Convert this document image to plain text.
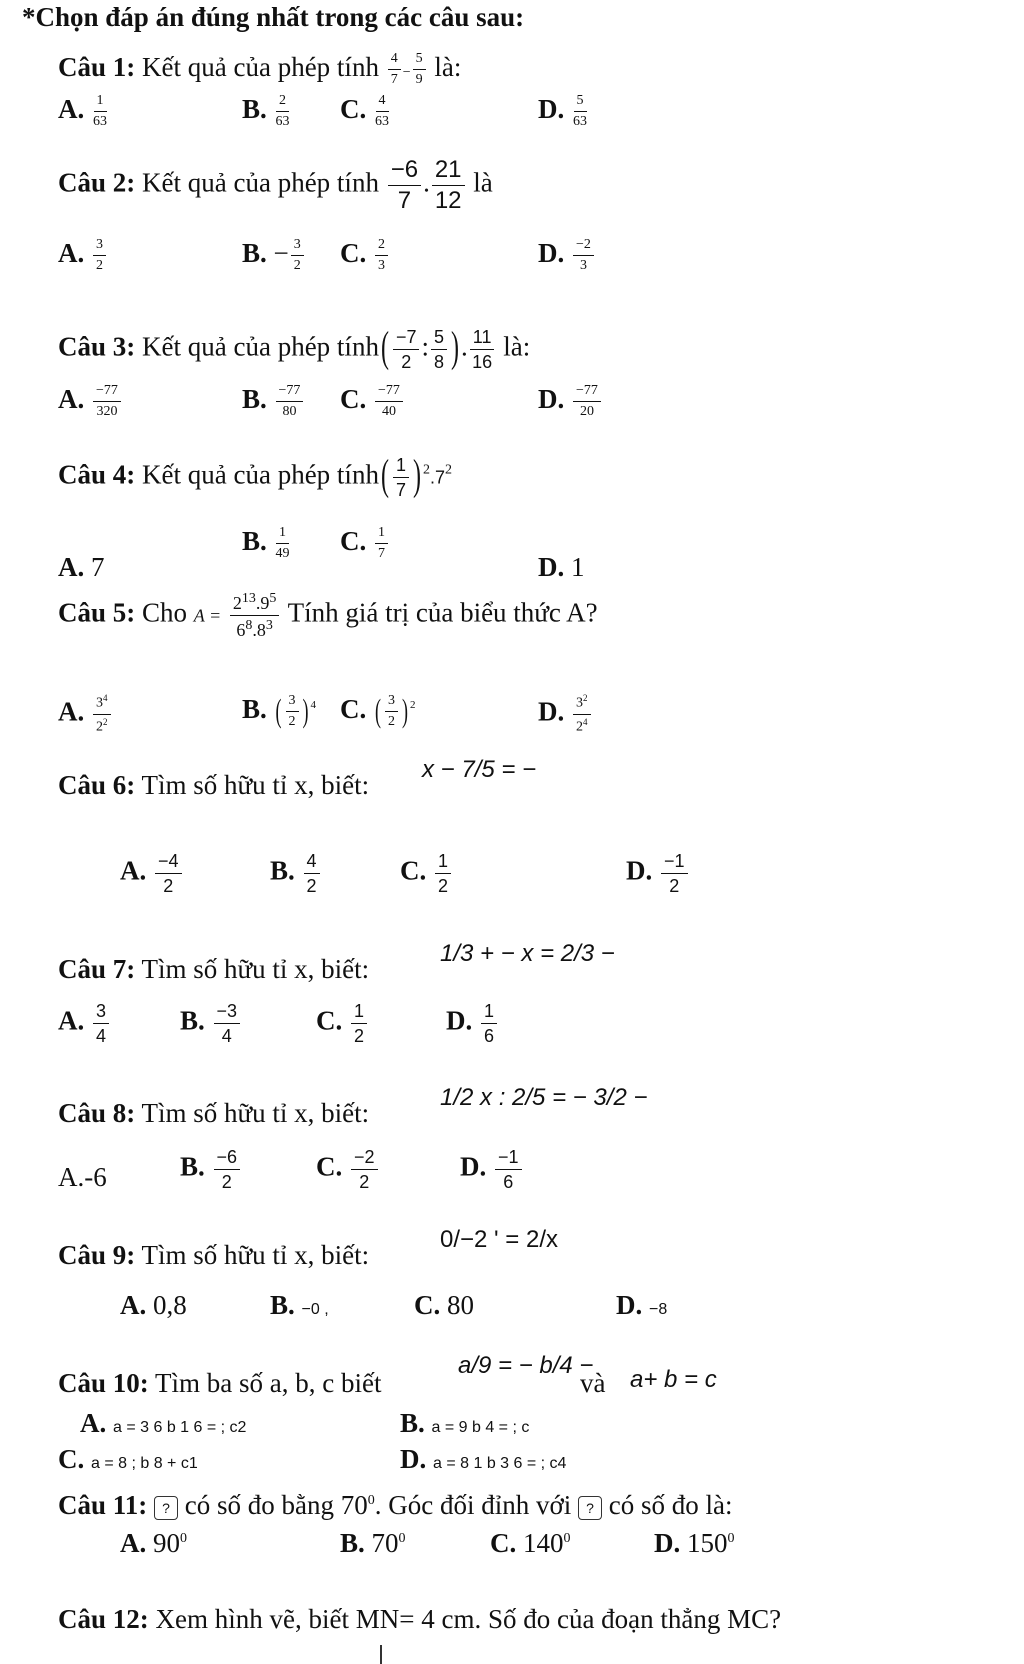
*Chọn đáp án đúng nhất trong các câu sau:
Câu 1: Kết quả của phép tính $\frac{4}{7} - \frac{5}{9}$ là:
A. $\frac{1}{63}$	B. $\frac{2}{63} C$. $\frac{4}{63}$	D. $\frac{5}{63}$
Câu 2: Kết quả của phép tính $\frac{-6}{7}$ . $\frac{21}{12}$ là
A. $\frac{3}{2}$	B. − $\frac{3}{2} C$. $\frac{2}{3}$	D. $\frac{-2}{3}$
Câu 3: Kết quả của phép tính( $\frac{-7}{2}$ : $\frac{5}{8}$ ). $\frac{11}{16}$ là:
A. $\frac{-77}{320}$	B. $\frac{-77}{80} C$. $\frac{-77}{40}$	D. $\frac{-77}{20}$
Câu 4: Kết quả của phép tính( $\frac{1}{7}$ ) $^2.7^2$
A. 7
B. $\frac{1}{49} C$. $\frac{1}{7}$
D. 1
Câu 5: Cho $A = \frac{2^{13}.9^5}{6^8.8^3}$ Tính giá trị của biểu thức A?
A. $\frac{3^4}{2^2}$	B. ( $\frac{3}{2}$ ) $^4$ C. ( $\frac{3}{2}$ ) $^2$	D. $\frac{3^2}{2^4}$
Câu 6: Tìm số hữu tỉ x, biết:
x − 7/5 = −
A. $\frac{-4}{2}$	B. $\frac{4}{2}$	C. $\frac{1}{2}$	D. $\frac{-1}{2}$
Câu 7: Tìm số hữu tỉ x, biết:
1/3 + − x = 2/3 −
A. $\frac{3}{4}$	B. $\frac{-3}{4}$	C. $\frac{1}{2}$	D. $\frac{1}{6}$
Câu 8: Tìm số hữu tỉ x, biết:
1/2 x : 2/5 = − 3/2 −
A.-6	B. $\frac{-6}{2}$	C. $\frac{-2}{2}$	D. $\frac{-1}{6}$
Câu 9: Tìm số hữu tỉ x, biết:
0/−2 ' = 2/x
A. 0,8	B. −0 ,	C. 80	D. −8
Câu 10: Tìm ba số a, b, c biết
a/9 = − b/4 −
và a+ b = c
A. a = 3 6 b 1 6 = ; c2	B. a = 9 b 4 = ; c
C. a = 8 ; b 8 + c1	D. a = 8 1 b 3 6 = ; c4
Câu 11: ? có số đo bằng $70^0$. Góc đối đỉnh với ? có số đo là:
A. $90^0$	B. $70^0$	C. $140^0$	D. $150^0$
Câu 12: Xem hình vẽ, biết MN= 4 cm. Số đo của đoạn thẳng MC?
